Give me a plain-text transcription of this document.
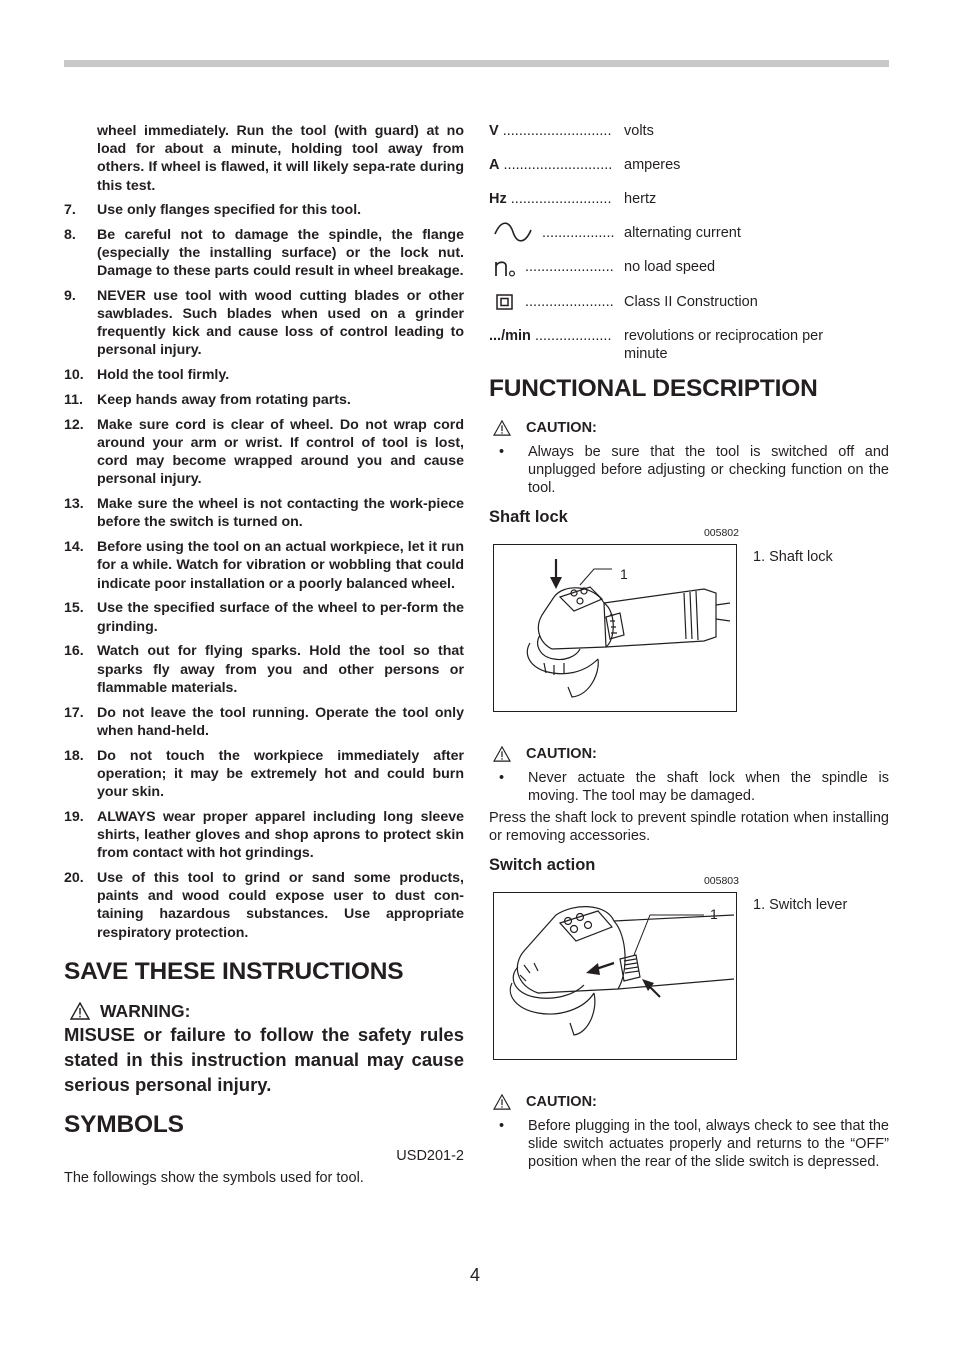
wheel immediately. Run the tool (with guard) at no load for about a minute, holding tool away from others. If wheel is flawed, it will likely sepa-rate during this test.
7.	Use only flanges specified for this tool.
8.	Be careful not to damage the spindle, the flange (especially the installing surface) or the lock nut. Damage to these parts could result in wheel breakage.
9.	NEVER use tool with wood cutting blades or other sawblades. Such blades when used on a grinder frequently kick and cause loss of control leading to personal injury.
10. Hold the tool firmly.
11. Keep hands away from rotating parts.
12. Make sure cord is clear of wheel. Do not wrap cord around your arm or wrist. If control of tool is lost, cord may become wrapped around you and cause personal injury.
13. Make sure the wheel is not contacting the work-piece before the switch is turned on.
14. Before using the tool on an actual workpiece, let it run for a while. Watch for vibration or wobbling that could indicate poor installation or a poorly balanced wheel.
15. Use the specified surface of the wheel to per-form the grinding.
16. Watch out for flying sparks. Hold the tool so that sparks fly away from you and other persons or flammable materials.
17. Do not leave the tool running. Operate the tool only when hand-held.
18. Do not touch the workpiece immediately after operation; it may be extremely hot and could burn your skin.
19. ALWAYS wear proper apparel including long sleeve shirts, leather gloves and shop aprons to protect skin from contact with hot grindings.
20. Use of this tool to grind or sand some products, paints and wood could expose user to dust con-taining hazardous substances. Use appropriate respiratory protection.
SAVE THESE INSTRUCTIONS
WARNING:
MISUSE or failure to follow the safety rules stated in this instruction manual may cause serious personal injury.
SYMBOLS
USD201-2
The followings show the symbols used for tool.
V ........................... volts
A ........................... amperes
Hz ......................... hertz
.................. alternating current
...................... no load speed
...................... Class II Construction
.../min ................... revolutions or reciprocation per minute
FUNCTIONAL DESCRIPTION
CAUTION:
•	Always be sure that the tool is switched off and unplugged before adjusting or checking function on the tool.
Shaft lock
005802
1
1. Shaft lock
CAUTION:
•	Never actuate the shaft lock when the spindle is moving. The tool may be damaged.
Press the shaft lock to prevent spindle rotation when installing or removing accessories.
Switch action
005803
1
1. Switch lever
CAUTION:
•	Before plugging in the tool, always check to see that the slide switch actuates properly and returns to the “OFF” position when the rear of the slide switch is depressed.
4
